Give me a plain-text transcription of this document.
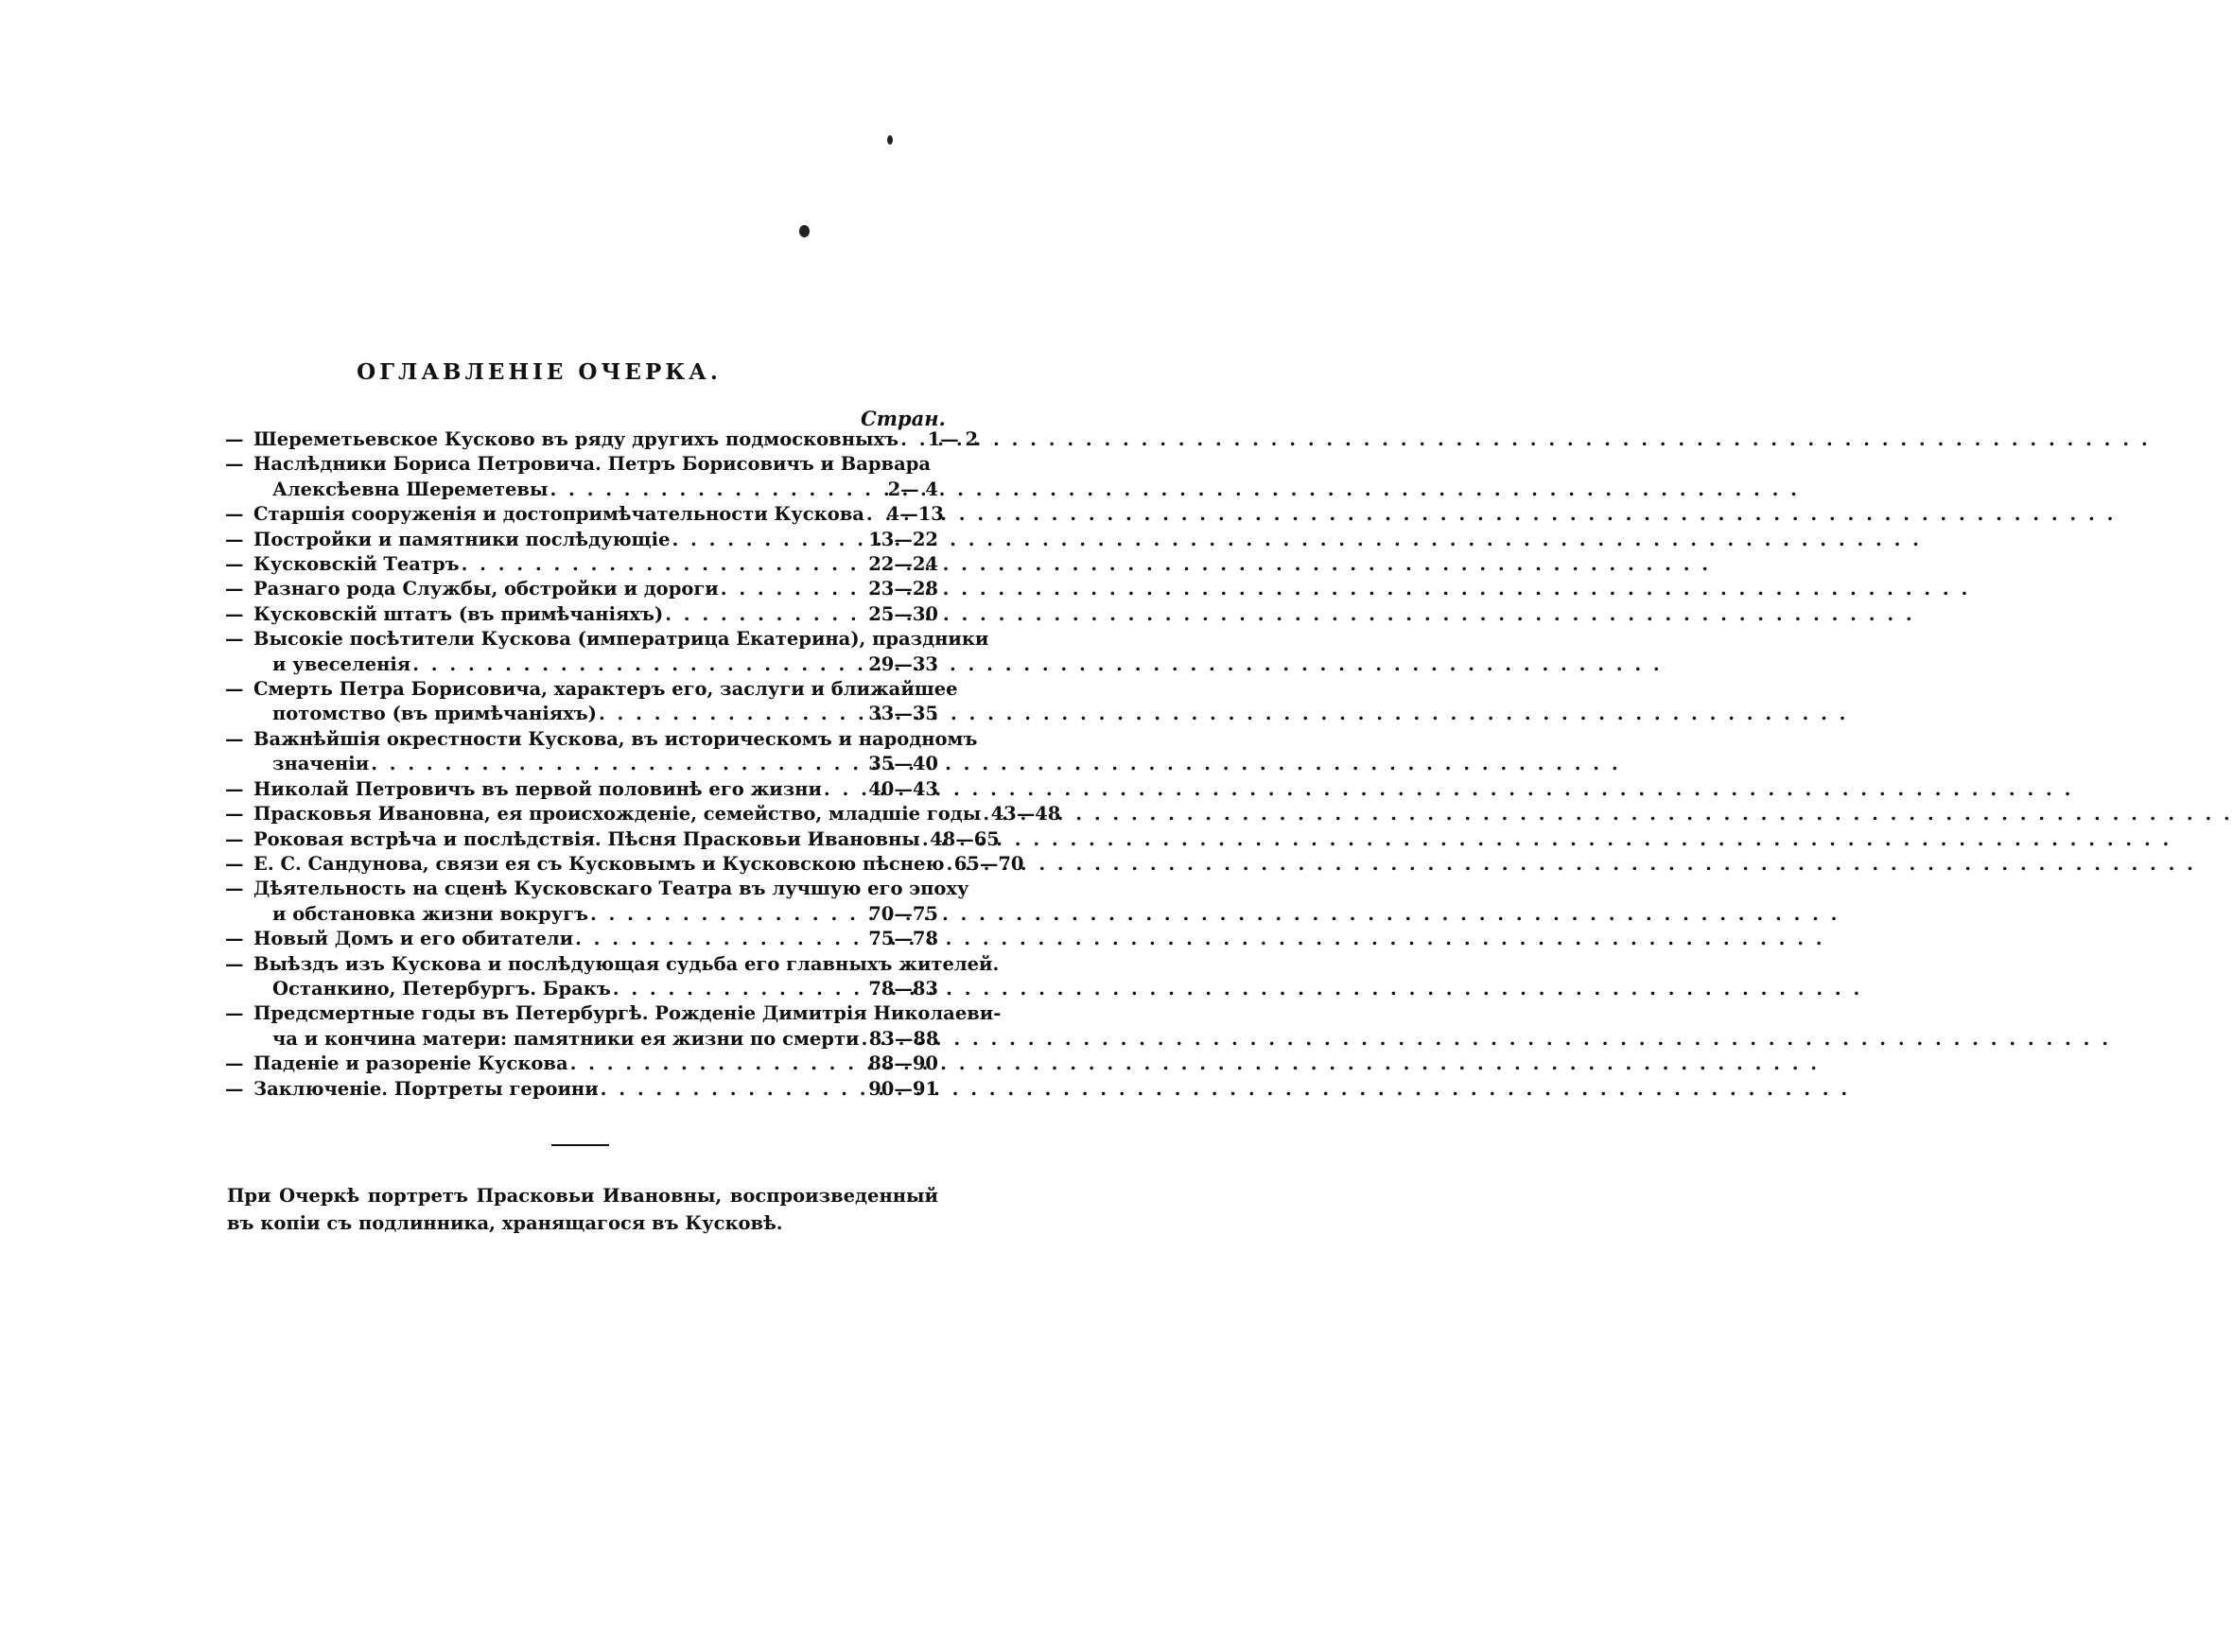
ОГЛАВЛЕНІЕ ОЧЕРКА.
Стран.
— Шереметьевское Кусково въ ряду другихъ подмосковныхъ . . .	1— 2
— Наслѣдники Бориса Петровича. Петръ Борисовичъ и Варвара
Алексѣевна Шереметевы . . .	2— 4
— Старшія сооруженія и достопримѣчательности Кускова . . .	4—13
— Постройки и памятники послѣдующіе . . .	13—22
— Кусковскій Театръ . . .	22—24
— Разнаго рода Службы, обстройки и дороги . . .	23—28
— Кусковскій штатъ (въ примѣчаніяхъ) . . .	25—30
— Высокіе посѣтители Кускова (императрица Екатерина), праздники
и увеселенія . . .	29—33
— Смерть Петра Борисовича, характеръ его, заслуги и ближайшее
потомство (въ примѣчаніяхъ) . . .	33—35
— Важнѣйшія окрестности Кускова, въ историческомъ и народномъ
значеніи . . .	35—40
— Николай Петровичъ въ первой половинѣ его жизни . . .	40—43
— Прасковья Ивановна, ея происхожденіе, семейство, младшіе годы . . . 43—48
— Роковая встрѣча и послѣдствія. Пѣсня Прасковьи Ивановны . . . 48—65
— Е. С. Сандунова, связи ея съ Кусковымъ и Кусковскою пѣснею . . . 65—70
— Дѣятельность на сценѣ Кусковскаго Театра въ лучшую его эпоху
и обстановка жизни вокругъ . . .	70—75
— Новый Домъ и его обитатели . . .	75—78
— Выѣздъ изъ Кускова и послѣдующая судьба его главныхъ жителей.
Останкино, Петербургъ. Бракъ . . .	78—83
— Предсмертные годы въ Петербургѣ. Рожденіе Димитрія Николаеви-
ча и кончина матери: памятники ея жизни по смерти . . . 83—88
— Паденіе и разореніе Кускова . . .	88—90
— Заключеніе. Портреты героини . . .	90—91
При Очеркѣ портретъ Прасковьи Ивановны, воспроизведенный въ копіи съ подлинника, хранящагося въ Кусковѣ.
